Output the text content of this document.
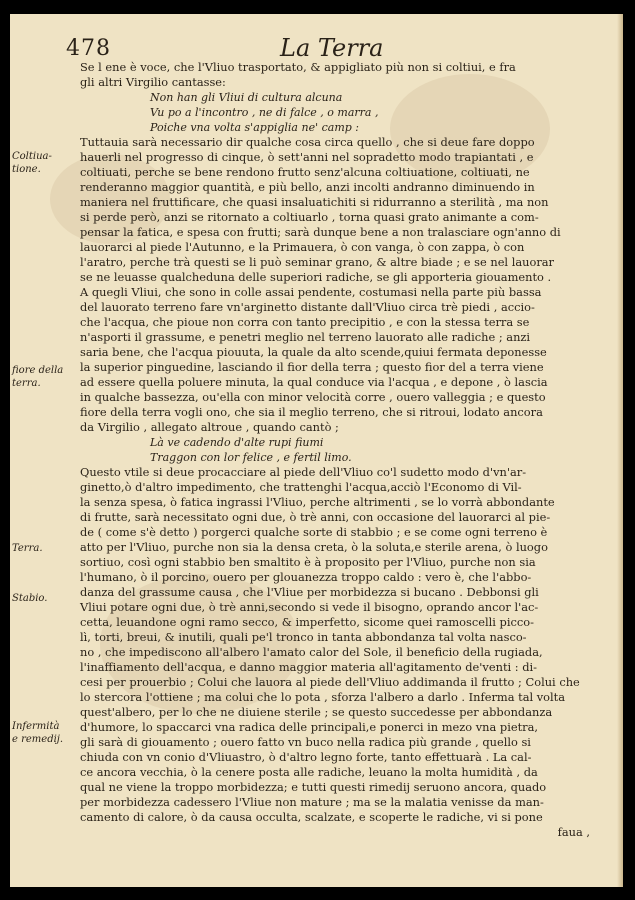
478	La Terra
Coltiua-
tione.
fiore della
terra.
Terra.
Stabio.
Infermità
e remedij.
Se l ene è voce, che l'Vliuo trasportato, & appigliato più non si coltiui, e fra
gli altri Virgilio cantasse:
Non han gli Vliui di cultura alcuna
Vu po a l'incontro , ne di falce , o marra ,
Poiche vna volta s'appiglia ne' camp :
Tuttauia sarà necessario dir qualche cosa circa quello , che si deue fare doppo
hauerli nel progresso di cinque, ò sett'anni nel sopradetto modo trapiantati , e
coltiuati, perche se bene rendono frutto senz'alcuna coltiuatione, coltiuati, ne
renderanno maggior quantità, e più bello, anzi incolti andranno diminuendo in
maniera nel fruttificare, che quasi insaluatichiti si ridurranno a sterilità , ma non
si perde però, anzi se ritornato a coltiuarlo , torna quasi grato animante a com-
pensar la fatica, e spesa con frutti; sarà dunque bene a non tralasciare ogn'anno di
lauorarci al piede l'Autunno, e la Primauera, ò con vanga, ò con zappa, ò con
l'aratro, perche trà questi se li può seminar grano, & altre biade ; e se nel lauorar
se ne leuasse qualcheduna delle superiori radiche, se gli apporteria giouamento .
A quegli Vliui, che sono in colle assai pendente, costumasi nella parte più bassa
del lauorato terreno fare vn'arginetto distante dall'Vliuo circa trè piedi , accio-
che l'acqua, che pioue non corra con tanto precipitio , e con la stessa terra se
n'asporti il grassume, e penetri meglio nel terreno lauorato alle radiche ; anzi
saria bene, che l'acqua piouuta, la quale da alto scende,quiui fermata deponesse
la superior pinguedine, lasciando il fior della terra ; questo fior del a terra viene
ad essere quella poluere minuta, la qual conduce via l'acqua , e depone , ò lascia
in qualche bassezza, ou'ella con minor velocità corre , ouero valleggia ; e questo
fiore della terra vogli ono, che sia il meglio terreno, che si ritroui, lodato ancora
da Virgilio , allegato altroue , quando cantò ;
Là ve cadendo d'alte rupi fiumi
Traggon con lor felice , e fertil limo.
Questo vtile si deue procacciare al piede dell'Vliuo co'l sudetto modo d'vn'ar-
ginetto,ò d'altro impedimento, che trattenghi l'acqua,acciò l'Economo di Vil-
la senza spesa, ò fatica ingrassi l'Vliuo, perche altrimenti , se lo vorrà abbondante
di frutte, sarà necessitato ogni due, ò trè anni, con occasione del lauorarci al pie-
de ( come s'è detto ) porgerci qualche sorte di stabbio ; e se come ogni terreno è
atto per l'Vliuo, purche non sia la densa creta, ò la soluta,e sterile arena, ò luogo
sortiuo, così ogni stabbio ben smaltito è à proposito per l'Vliuo, purche non sia
l'humano, ò il porcino, ouero per glouanezza troppo caldo : vero è, che l'abbo-
danza del grassume causa , che l'Vliue per morbidezza si bucano . Debbonsi gli
Vliui potare ogni due, ò trè anni,secondo si vede il bisogno, oprando ancor l'ac-
cetta, leuandone ogni ramo secco, & imperfetto, sicome quei ramoscelli picco-
lì, torti, breui, & inutili, quali pe'l tronco in tanta abbondanza tal volta nasco-
no , che impediscono all'albero l'amato calor del Sole, il beneficio della rugiada,
l'inaffiamento dell'acqua, e danno maggior materia all'agitamento de'venti : di-
cesi per prouerbio ; Colui che lauora al piede dell'Vliuo addimanda il frutto ; Colui che
lo stercora l'ottiene ; ma colui che lo pota , sforza l'albero a darlo . Inferma tal volta
quest'albero, per lo che ne diuiene sterile ; se questo succedesse per abbondanza
d'humore, lo spaccarci vna radica delle principali,e ponerci in mezo vna pietra,
gli sarà di giouamento ; ouero fatto vn buco nella radica più grande , quello si
chiuda con vn conio d'Vliuastro, ò d'altro legno forte, tanto effettuarà . La cal-
ce ancora vecchia, ò la cenere posta alle radiche, leuano la molta humidità , da
qual ne viene la troppo morbidezza; e tutti questi rimedij seruono ancora, quado
per morbidezza cadessero l'Vliue non mature ; ma se la malatia venisse da man-
camento di calore, ò da causa occulta, scalzate, e scoperte le radiche, vi si pone
faua ,
